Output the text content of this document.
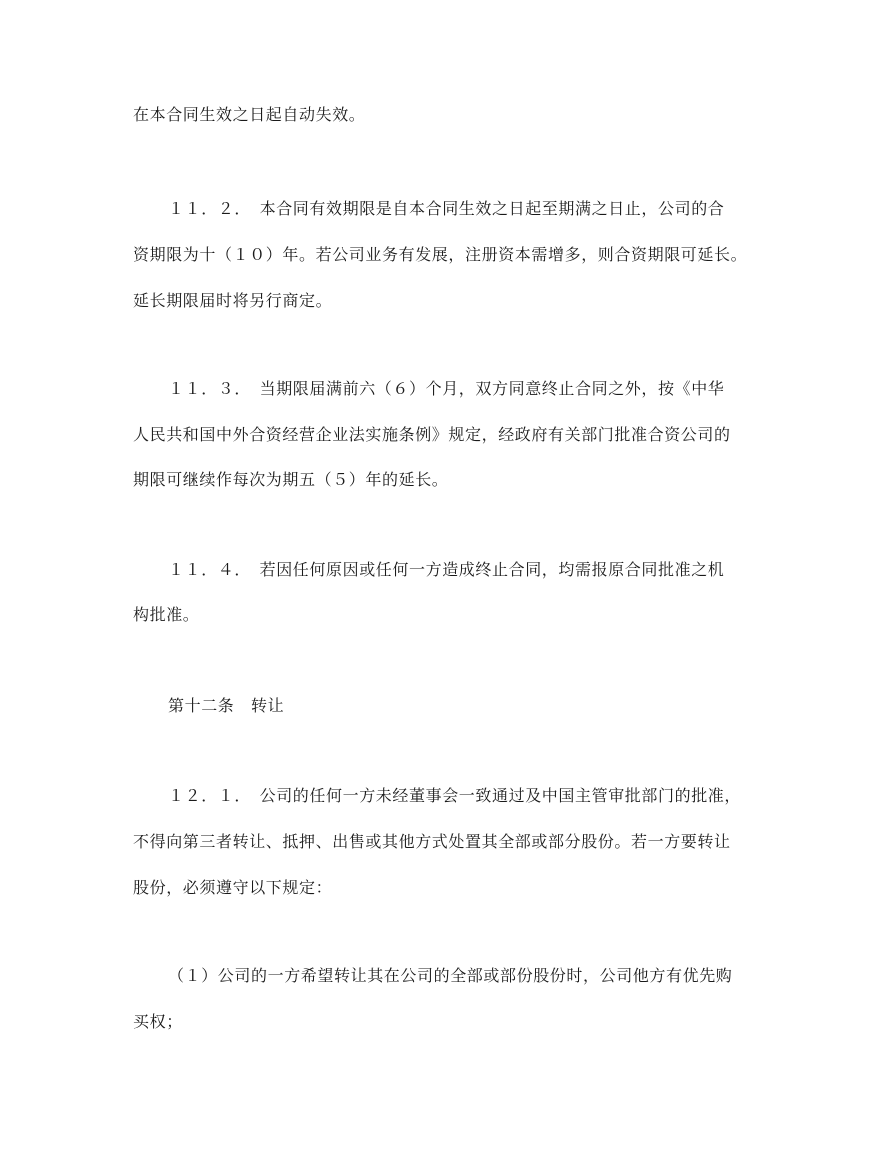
在本合同生效之日起自动失效。
１１．２．　本合同有效期限是自本合同生效之日起至期满之日止，公司的合
资期限为十（１０）年。若公司业务有发展，注册资本需增多，则合资期限可延长。
延长期限届时将另行商定。
１１．３．　当期限届满前六（６）个月，双方同意终止合同之外，按《中华
人民共和国中外合资经营企业法实施条例》规定，经政府有关部门批准合资公司的
期限可继续作每次为期五（５）年的延长。
１１．４．　若因任何原因或任何一方造成终止合同，均需报原合同批准之机
构批准。
第十二条　转让
１２．１．　公司的任何一方未经董事会一致通过及中国主管审批部门的批准，
不得向第三者转让、抵押、出售或其他方式处置其全部或部分股份。若一方要转让
股份，必须遵守以下规定：
（１）公司的一方希望转让其在公司的全部或部份股份时，公司他方有优先购
买权；
